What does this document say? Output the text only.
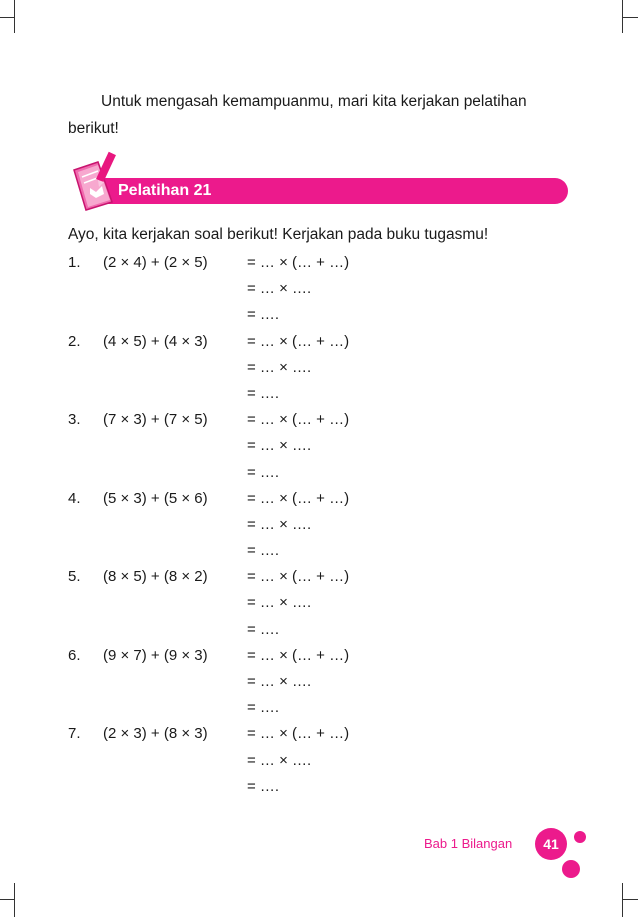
Untuk mengasah kemampuanmu, mari kita kerjakan pelatihan
berikut!
Pelatihan 21
Ayo, kita kerjakan soal berikut! Kerjakan pada buku tugasmu!
1. (2 × 4) + (2 × 5)	= … × (… + …)
= … × ….
= ….
2. (4 × 5) + (4 × 3)	= … × (… + …)
= … × ….
= ….
3. (7 × 3) + (7 × 5)	= … × (… + …)
= … × ….
= ….
4. (5 × 3) + (5 × 6)	= … × (… + …)
= … × ….
= ….
5. (8 × 5) + (8 × 2)	= … × (… + …)
= … × ….
= ….
6. (9 × 7) + (9 × 3)	= … × (… + …)
= … × ….
= ….
7. (2 × 3) + (8 × 3)	= … × (… + …)
= … × ….
= ….
Bab 1 Bilangan	41
